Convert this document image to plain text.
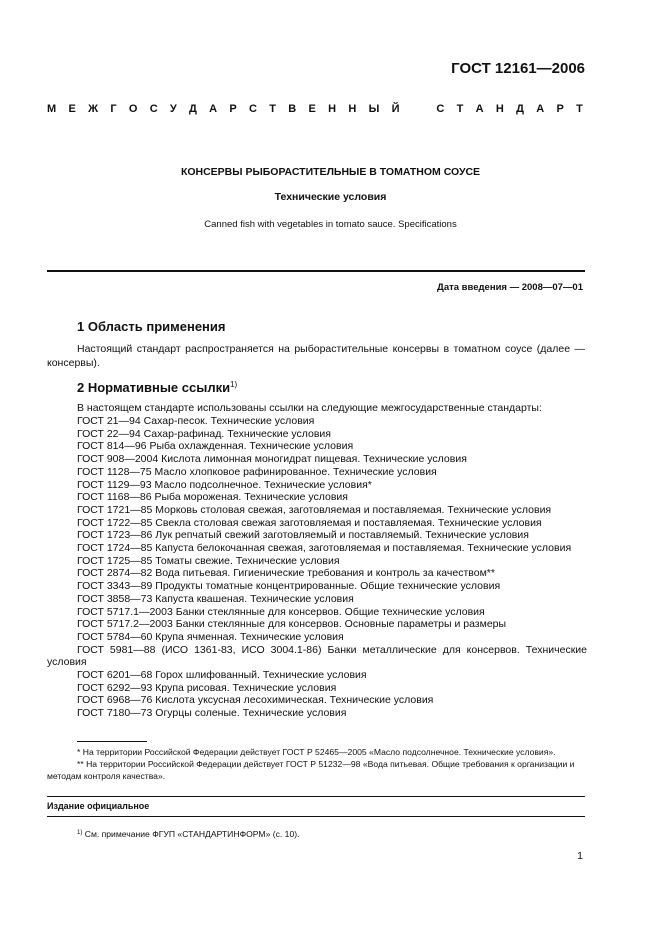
ГОСТ 12161—2006
М Е Ж Г О С У Д А Р С Т В Е Н Н Ы Й	С Т А Н Д А Р Т
КОНСЕРВЫ РЫБОРАСТИТЕЛЬНЫЕ В ТОМАТНОМ СОУСЕ
Технические условия
Canned fish with vegetables in tomato sauce. Specifications
Дата введения — 2008—07—01
1 Область применения
Настоящий стандарт распространяется на рыборастительные консервы в томатном соусе (далее — консервы).
2 Нормативные ссылки$^{1)}$
В настоящем стандарте использованы ссылки на следующие межгосударственные стандарты:
ГОСТ 21—94 Сахар-песок. Технические условия
ГОСТ 22—94 Сахар-рафинад. Технические условия
ГОСТ 814—96 Рыба охлажденная. Технические условия
ГОСТ 908—2004 Кислота лимонная моногидрат пищевая. Технические условия
ГОСТ 1128—75 Масло хлопковое рафинированное. Технические условия
ГОСТ 1129—93 Масло подсолнечное. Технические условия*
ГОСТ 1168—86 Рыба мороженая. Технические условия
ГОСТ 1721—85 Морковь столовая свежая, заготовляемая и поставляемая. Технические условия
ГОСТ 1722—85 Свекла столовая свежая заготовляемая и поставляемая. Технические условия
ГОСТ 1723—86 Лук репчатый свежий заготовляемый и поставляемый. Технические условия
ГОСТ 1724—85 Капуста белокочанная свежая, заготовляемая и поставляемая. Технические условия
ГОСТ 1725—85 Томаты свежие. Технические условия
ГОСТ 2874—82 Вода питьевая. Гигиенические требования и контроль за качеством**
ГОСТ 3343—89 Продукты томатные концентрированные. Общие технические условия
ГОСТ 3858—73 Капуста квашеная. Технические условия
ГОСТ 5717.1—2003 Банки стеклянные для консервов. Общие технические условия
ГОСТ 5717.2—2003 Банки стеклянные для консервов. Основные параметры и размеры
ГОСТ 5784—60 Крупа ячменная. Технические условия
ГОСТ 5981—88 (ИСО 1361-83, ИСО 3004.1-86) Банки металлические для консервов. Технические условия
ГОСТ 6201—68 Горох шлифованный. Технические условия
ГОСТ 6292—93 Крупа рисовая. Технические условия
ГОСТ 6968—76 Кислота уксусная лесохимическая. Технические условия
ГОСТ 7180—73 Огурцы соленые. Технические условия

* На территории Российской Федерации действует ГОСТ Р 52465—2005 «Масло подсолнечное. Технические условия».

** На территории Российской Федерации действует ГОСТ Р 51232—98 «Вода питьевая. Общие требования к организации и методам контроля качества».

Издание официальное
$^{1)}$ См. примечание ФГУП «СТАНДАРТИНФОРМ» (с. 10).
1
